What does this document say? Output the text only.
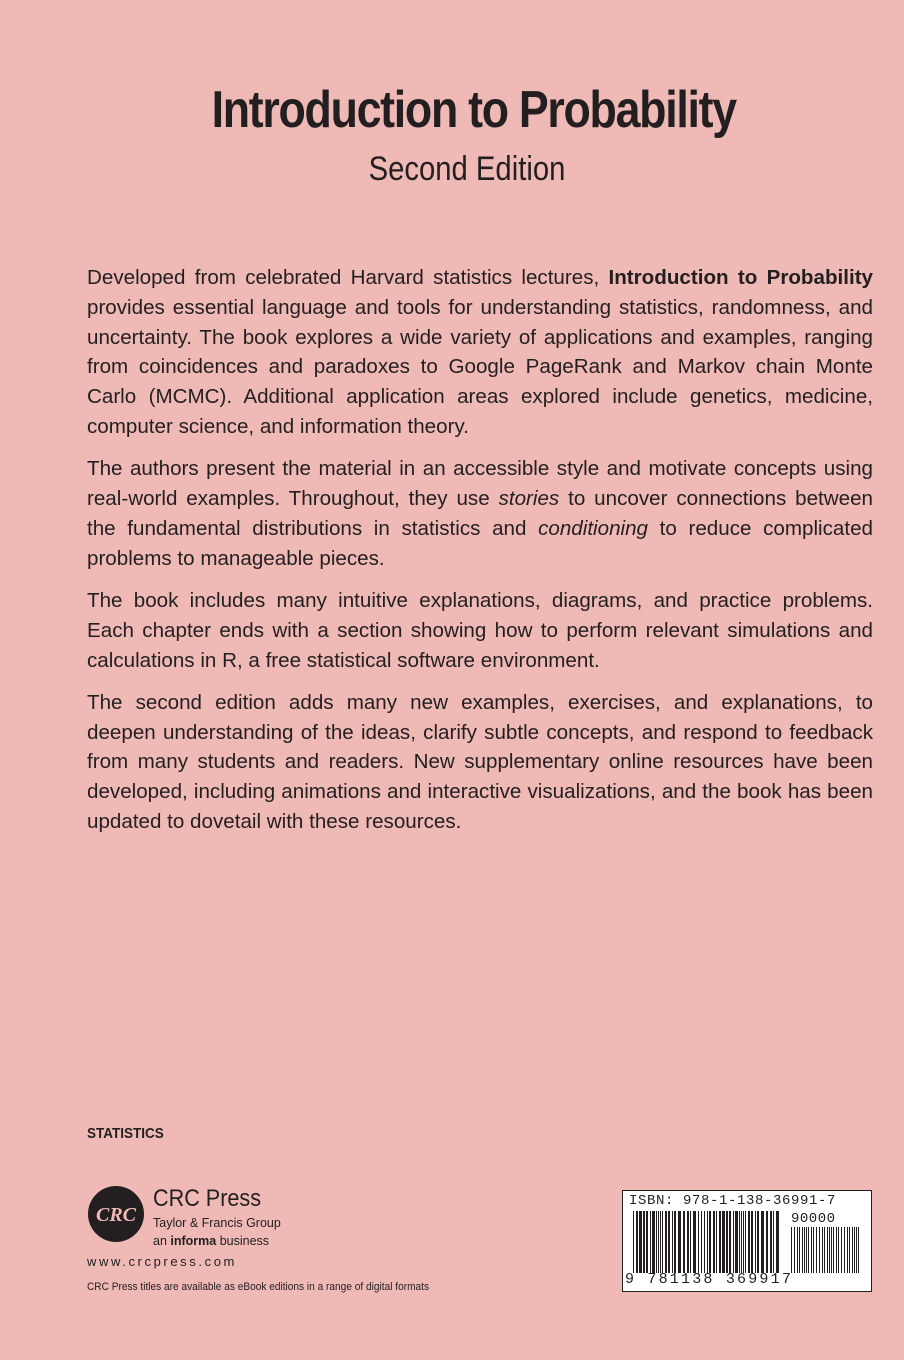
Introduction to Probability
Second Edition

Developed from celebrated Harvard statistics lectures, Introduction to Probability provides essential language and tools for understanding statistics, randomness, and uncertainty. The book explores a wide variety of applications and examples, ranging from coincidences and paradoxes to Google PageRank and Markov chain Monte Carlo (MCMC). Additional application areas explored include genetics, medicine, computer science, and information theory.

The authors present the material in an accessible style and motivate concepts using real-world examples. Throughout, they use stories to uncover connections between the fundamental distributions in statistics and conditioning to reduce complicated problems to manageable pieces.

The book includes many intuitive explanations, diagrams, and practice problems. Each chapter ends with a section showing how to perform relevant simulations and calculations in R, a free statistical software environment.

The second edition adds many new examples, exercises, and explanations, to deepen understanding of the ideas, clarify subtle concepts, and respond to feedback from many students and readers. New supplementary online resources have been developed, including animations and interactive visualizations, and the book has been updated to dovetail with these resources.

STATISTICS
CRC
CRC Press
Taylor & Francis Group
an informa business
www.crcpress.com
CRC Press titles are available as eBook editions in a range of digital formats
ISBN: 978-1-138-36991-7
90000
9 781138 369917
